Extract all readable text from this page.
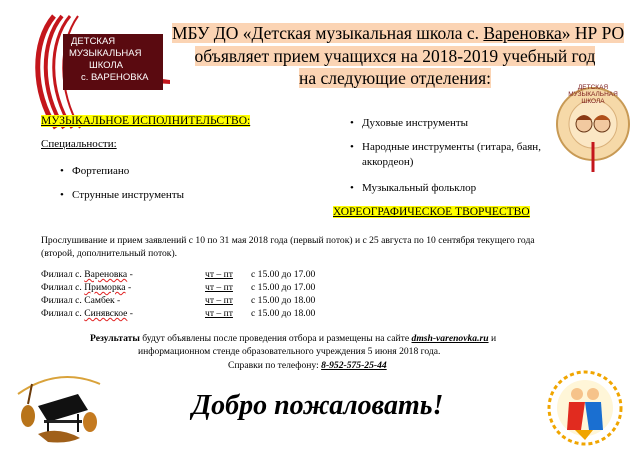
ДЕТСКАЯ
МУЗЫКАЛЬНАЯ
ШКОЛА
с. ВАРЕНОВКА
МБУ ДО «Детская музыкальная школа с. Вареновка» НР РО
объявляет прием учащихся на 2018-2019 учебный год
на следующие отделения:	ДЕТСКАЯ МУЗЫКАЛЬНАЯ ШКОЛА
МУЗЫКАЛЬНОЕ ИСПОЛНИТЕЛЬСТВО:
Специальности:
• Фортепиано
• Струнные инструменты
• Духовые инструменты
• Народные инструменты (гитара, баян,
аккордеон)
• Музыкальный фольклор
ХОРЕОГРАФИЧЕСКОЕ ТВОРЧЕСТВО
Прослушивание и прием заявлений с 10 по 31 мая 2018 года (первый поток) и с 25 августа по 10 сентября текущего года
(второй, дополнительный поток).
Филиал с. Вареновка -	чт – пт с 15.00 до 17.00
Филиал с. Приморка -	чт – пт с 15.00 до 17.00
Филиал с. Самбек -	чт – пт с 15.00 до 18.00
Филиал с. Синявское -	чт – пт с 15.00 до 18.00
Результаты будут объявлены после проведения отбора и размещены на сайте dmsh-varenovka.ru и
информационном стенде образовательного учреждения 5 июня 2018 года.
Справки по телефону: 8-952-575-25-44
Добро пожаловать!
